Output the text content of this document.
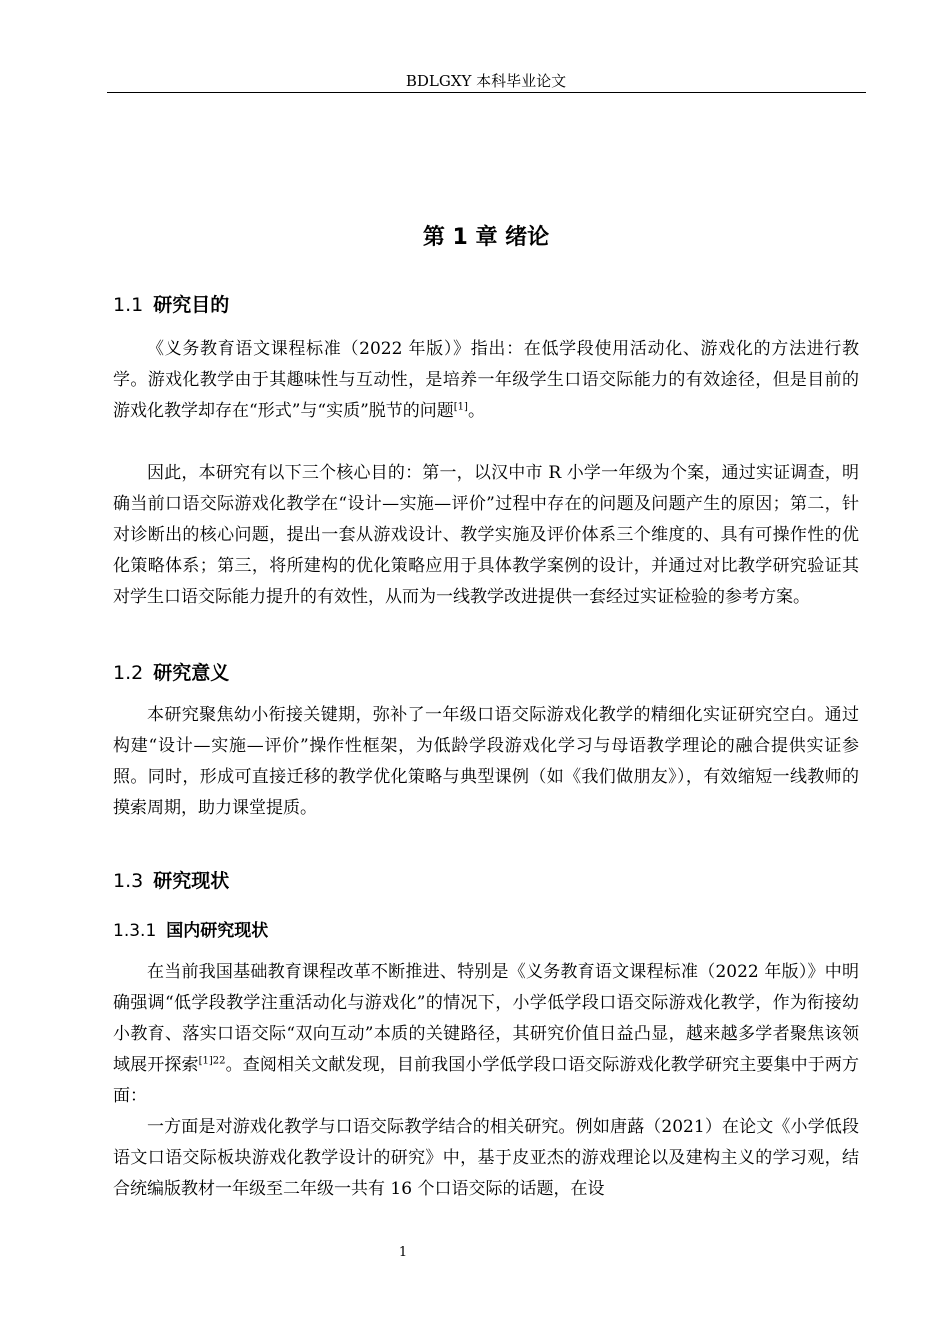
BDLGXY 本科毕业论文
第 1 章 绪论
1.1 研究目的
《义务教育语文课程标准（2022 年版）》指出：在低学段使用活动化、游戏化的方法进行教学。游戏化教学由于其趣味性与互动性，是培养一年级学生口语交际能力的有效途径，但是目前的游戏化教学却存在“形式”与“实质”脱节的问题[1]。
因此，本研究有以下三个核心目的：第一，以汉中市 R 小学一年级为个案，通过实证调查，明确当前口语交际游戏化教学在“设计—实施—评价”过程中存在的问题及问题产生的原因；第二，针对诊断出的核心问题，提出一套从游戏设计、教学实施及评价体系三个维度的、具有可操作性的优化策略体系；第三，将所建构的优化策略应用于具体教学案例的设计，并通过对比教学研究验证其对学生口语交际能力提升的有效性，从而为一线教学改进提供一套经过实证检验的参考方案。
1.2 研究意义
本研究聚焦幼小衔接关键期，弥补了一年级口语交际游戏化教学的精细化实证研究空白。通过构建“设计—实施—评价”操作性框架，为低龄学段游戏化学习与母语教学理论的融合提供实证参照。同时，形成可直接迁移的教学优化策略与典型课例（如《我们做朋友》），有效缩短一线教师的摸索周期，助力课堂提质。
1.3 研究现状
1.3.1 国内研究现状
在当前我国基础教育课程改革不断推进、特别是《义务教育语文课程标准（2022 年版）》中明确强调“低学段教学注重活动化与游戏化”的情况下，小学低学段口语交际游戏化教学，作为衔接幼小教育、落实口语交际“双向互动”本质的关键路径，其研究价值日益凸显，越来越多学者聚焦该领域展开探索$^{[1]22}$。查阅相关文献发现，目前我国小学低学段口语交际游戏化教学研究主要集中于两方面：
一方面是对游戏化教学与口语交际教学结合的相关研究。例如唐蕗（2021）在论文《小学低段语文口语交际板块游戏化教学设计的研究》中，基于皮亚杰的游戏理论以及建构主义的学习观，结合统编版教材一年级至二年级一共有 16 个口语交际的话题，在设
1
